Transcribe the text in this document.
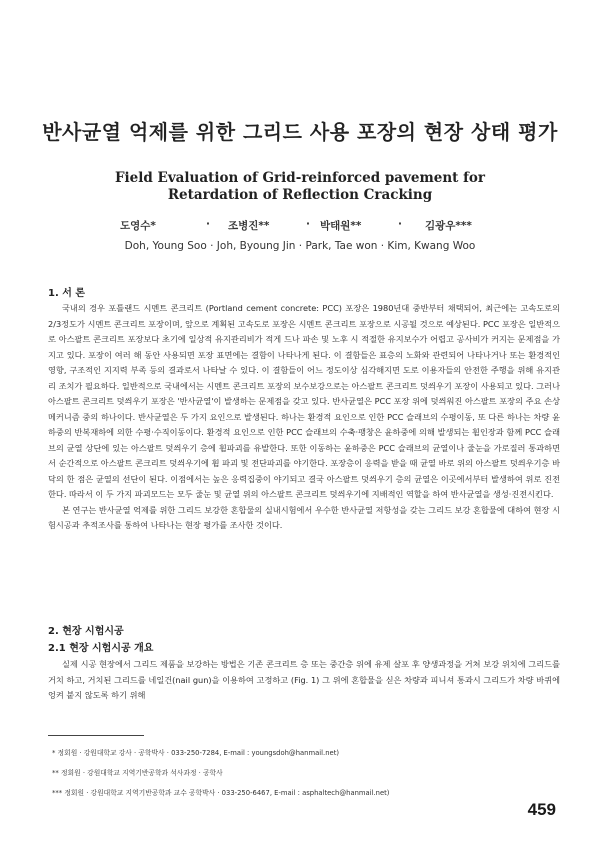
반사균열 억제를 위한 그리드 사용 포장의 현장 상태 평가
Field Evaluation of Grid-reinforced pavement for Retardation of Reflection Cracking
도영수*	· 조병진**	· 박태원**	· 김광우***
Doh, Young Soo · Joh, Byoung Jin · Park, Tae won · Kim, Kwang Woo
1. 서 론

국내의 경우 포틀랜드 시멘트 콘크리트 (Portland cement concrete: PCC) 포장은 1980년대 중반부터 채택되어, 최근에는 고속도로의 2/3정도가 시멘트 콘크리트 포장이며, 앞으로 계획된 고속도로 포장은 시멘트 콘크리트 포장으로 시공될 것으로 예상된다. PCC 포장은 일반적으로 아스팔트 콘크리트 포장보다 초기에 일상적 유지관리비가 적게 드나 파손 및 노후 시 적절한 유지보수가 어렵고 공사비가 커지는 문제점을 가지고 있다. 포장이 여러 해 동안 사용되면 포장 표면에는 결함이 나타나게 된다. 이 결함들은 표층의 노화와 관련되어 나타나거나 또는 환경적인 영향, 구조적인 지지력 부족 등의 결과로서 나타날 수 있다. 이 결함들이 어느 정도이상 심각해지면 도로 이용자들의 안전한 주행을 위해 유지관리 조치가 필요하다. 일반적으로 국내에서는 시멘트 콘크리트 포장의 보수보강으로는 아스팔트 콘크리트 덧씌우기 포장이 사용되고 있다. 그러나 아스팔트 콘크리트 덧씌우기 포장은 '반사균열'이 발생하는 문제점을 갖고 있다. 반사균열은 PCC 포장 위에 덧씌워진 아스팔트 포장의 주요 손상 메커니즘 중의 하나이다. 반사균열은 두 가지 요인으로 발생된다. 하나는 환경적 요인으로 인한 PCC 슬래브의 수평이동, 또 다른 하나는 차량 윤하중의 반복재하에 의한 수평·수직이동이다. 환경적 요인으로 인한 PCC 슬래브의 수축·팽창은 윤하중에 의해 발생되는 휨인장과 함께 PCC 슬래브의 균열 상단에 있는 아스팔트 덧씌우기 층에 휨파괴를 유발한다. 또한 이동하는 윤하중은 PCC 슬래브의 균열이나 줄눈을 가로질러 통과하면서 순간적으로 아스팔트 콘크리트 덧씌우기에 휨 파괴 및 전단파괴를 야기한다. 포장층이 응력을 받을 때 균열 바로 위의 아스팔트 덧씌우기층 바닥의 한 점은 균열의 선단이 된다. 이점에서는 높은 응력집중이 야기되고 결국 아스팔트 덧씌우기 층의 균열은 이곳에서부터 발생하여 위로 진전한다. 따라서 이 두 가지 파괴모드는 모두 줄눈 및 균열 위의 아스팔트 콘크리트 덧씌우기에 지배적인 역할을 하여 반사균열을 생성·진전시킨다.

본 연구는 반사균열 억제를 위한 그리드 보강한 혼합물의 실내시험에서 우수한 반사균열 저항성을 갖는 그리드 보강 혼합물에 대하여 현장 시험시공과 추적조사를 통하여 나타나는 현장 평가를 조사한 것이다.

2. 현장 시험시공
2.1 현장 시험시공 개요

실제 시공 현장에서 그리드 제품을 보강하는 방법은 기존 콘크리트 층 또는 중간층 위에 유제 살포 후 양생과정을 거쳐 보강 위치에 그리드를 거치 하고, 거치된 그리드를 네일건(nail gun)을 이용하여 고정하고 (Fig. 1) 그 위에 혼합물을 싣은 차량과 피니셔 통과시 그리드가 차량 바퀴에 엉켜 붙지 않도록 하기 위해

* 정회원 · 강원대학교 강사 · 공학박사 · 033-250-7284, E-mail : youngsdoh@hanmail.net)
** 정회원 · 강원대학교 지역기반공학과 석사과정 · 공학사
*** 정회원 · 강원대학교 지역기반공학과 교수 공학박사 · 033-250-6467, E-mail : asphaltech@hanmail.net)
459
